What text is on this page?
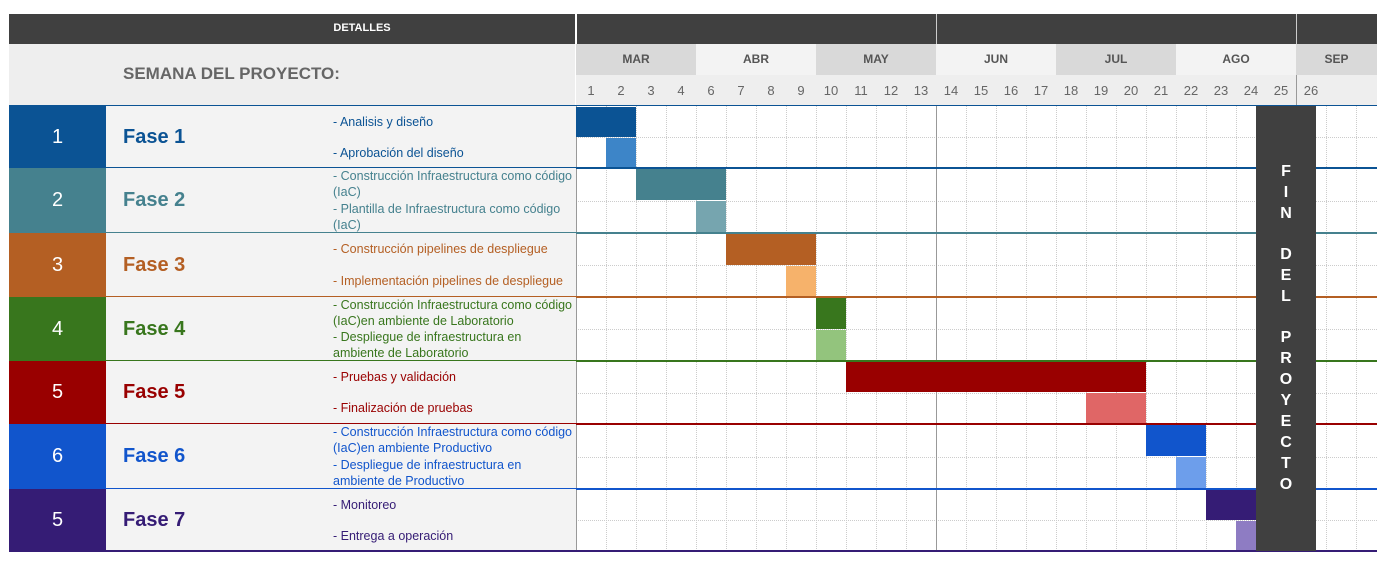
DETALLES
SEMANA DEL PROYECTO:
MAR	ABR	MAY	JUN	JUL	AGO	SEP
1	2	3	4	6	7	8	9	10	11	12	13	14	15	16	17	18	19	20	21	22	23	24	25	26
1	Fase 1
- Analisis y diseño
- Aprobación del diseño
2	Fase 2
- Construcción Infraestructura como código (IaC)
- Plantilla de Infraestructura como código (IaC)
3	Fase 3
- Construcción pipelines de despliegue
- Implementación pipelines de despliegue
4	Fase 4
- Construcción Infraestructura como código (IaC)en ambiente de Laboratorio
- Despliegue de infraestructura en ambiente de Laboratorio
5	Fase 5
- Pruebas y validación
- Finalización de pruebas
6	Fase 6
- Construcción Infraestructura como código (IaC)en ambiente Productivo
- Despliegue de infraestructura en ambiente de Productivo
5	Fase 7
- Monitoreo
- Entrega a operación
F
I
N

D
E
L

P
R
O
Y
E
C
T
O
